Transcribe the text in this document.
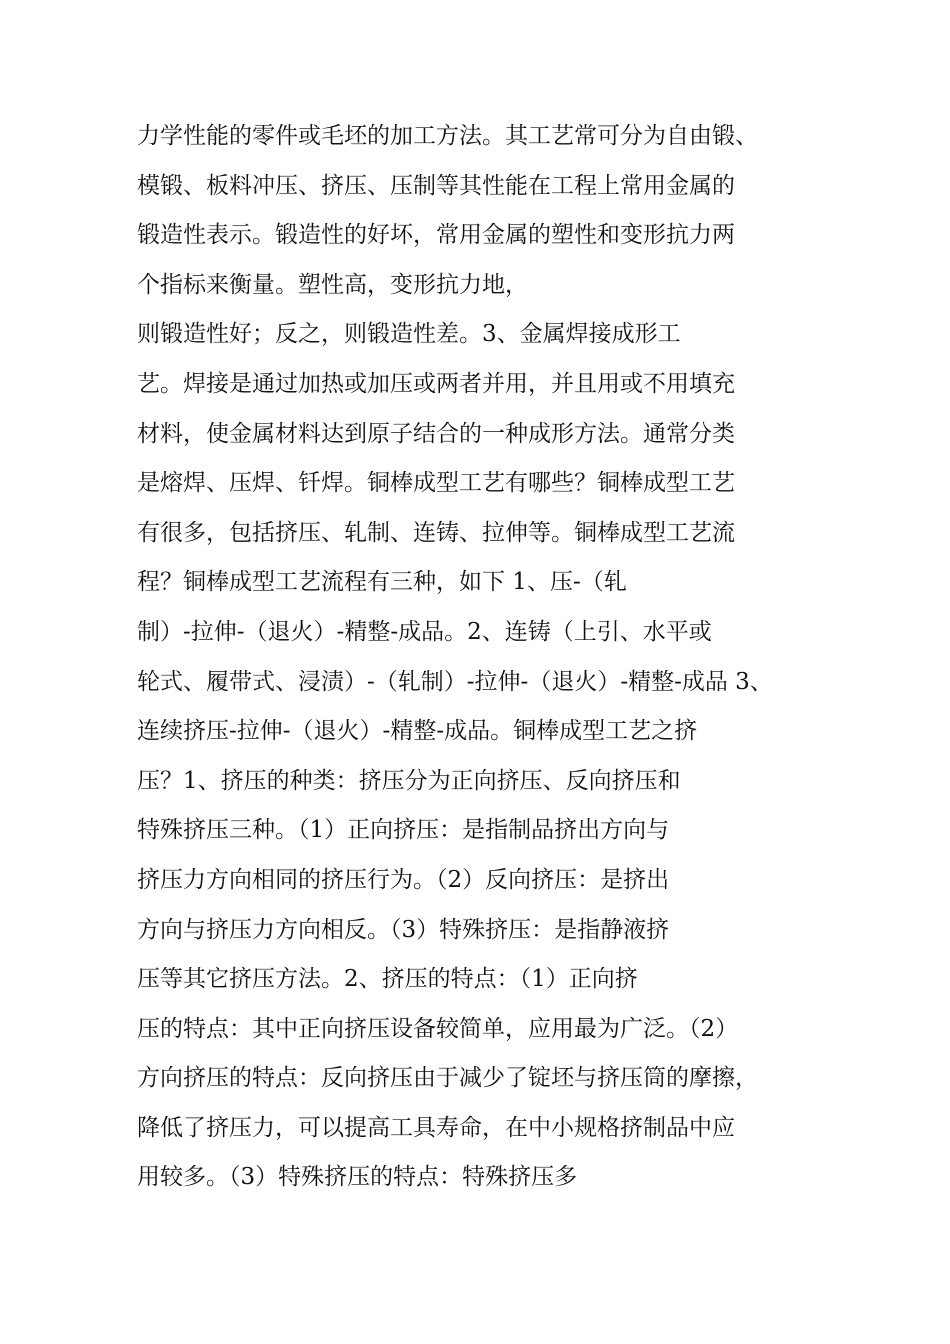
力学性能的零件或毛坯的加工方法。其工艺常可分为自由锻、
模锻、板料冲压、挤压、压制等其性能在工程上常用金属的
锻造性表示。锻造性的好坏，常用金属的塑性和变形抗力两
个指标来衡量。塑性高，变形抗力地，
则锻造性好；反之，则锻造性差。3、金属焊接成形工
艺。焊接是通过加热或加压或两者并用，并且用或不用填充
材料，使金属材料达到原子结合的一种成形方法。通常分类
是熔焊、压焊、钎焊。铜棒成型工艺有哪些？铜棒成型工艺
有很多，包括挤压、轧制、连铸、拉伸等。铜棒成型工艺流
程？铜棒成型工艺流程有三种，如下 1、压-（轧
制）-拉伸-（退火）-精整-成品。2、连铸（上引、水平或
轮式、履带式、浸渍）-（轧制）-拉伸-（退火）-精整-成品 3、
连续挤压-拉伸-（退火）-精整-成品。铜棒成型工艺之挤
压？1、挤压的种类：挤压分为正向挤压、反向挤压和
特殊挤压三种。（1）正向挤压：是指制品挤出方向与
挤压力方向相同的挤压行为。（2）反向挤压：是挤出
方向与挤压力方向相反。（3）特殊挤压：是指静液挤
压等其它挤压方法。2、挤压的特点：（1）正向挤
压的特点：其中正向挤压设备较简单，应用最为广泛。（2）
方向挤压的特点：反向挤压由于减少了锭坯与挤压筒的摩擦，
降低了挤压力，可以提高工具寿命，在中小规格挤制品中应
用较多。（3）特殊挤压的特点：特殊挤压多
